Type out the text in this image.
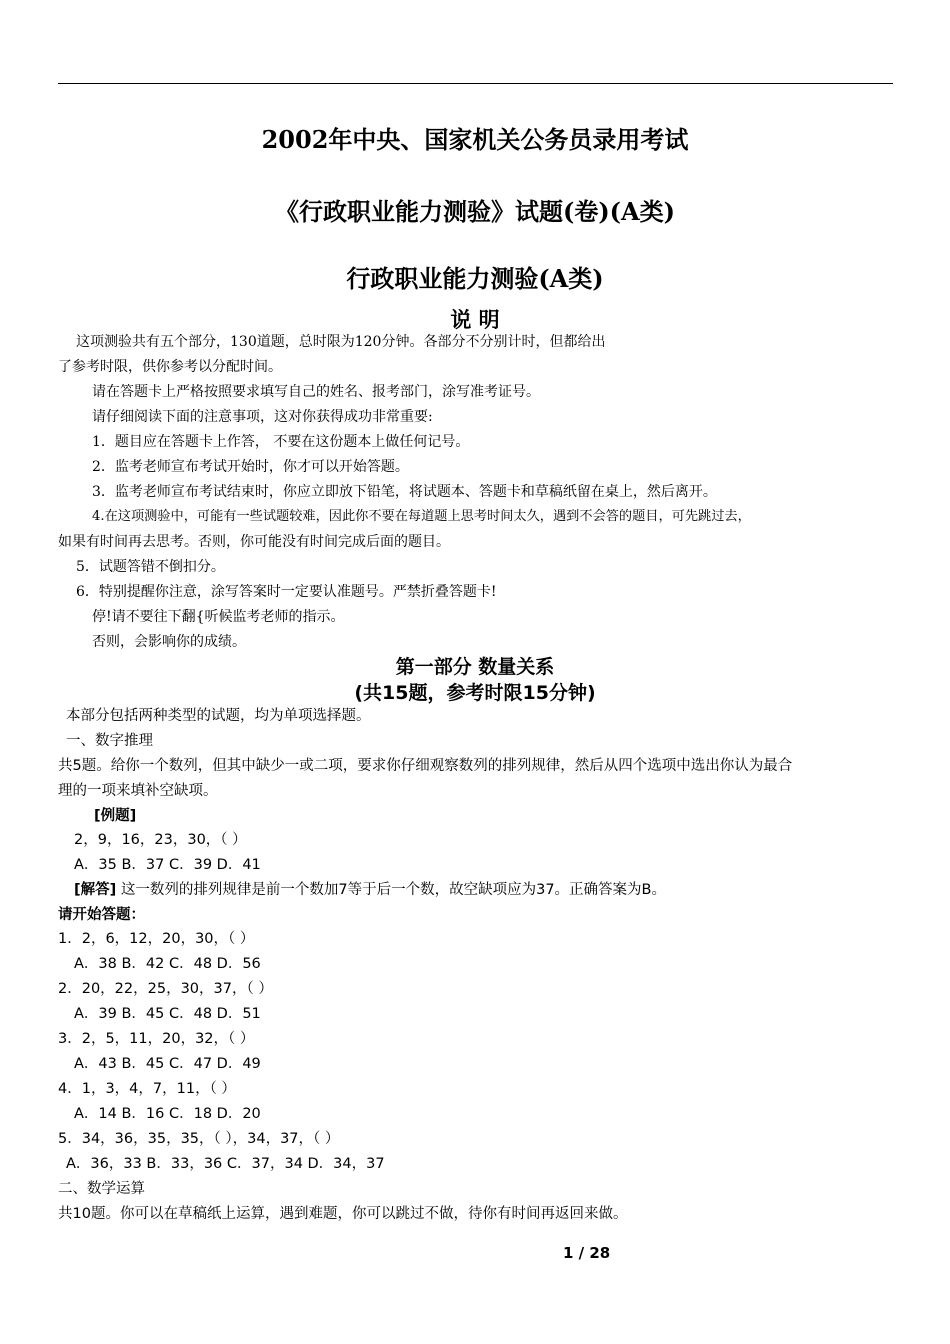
2002年中央、国家机关公务员录用考试
《行政职业能力测验》试题(卷)(A类)
行政职业能力测验(A类)
说 明
这项测验共有五个部分，130道题，总时限为120分钟。各部分不分别计时，但都给出
了参考时限，供你参考以分配时间。
请在答题卡上严格按照要求填写自己的姓名、报考部门，涂写准考证号。
请仔细阅读下面的注意事项，这对你获得成功非常重要:
1．题目应在答题卡上作答， 不要在这份题本上做任何记号。
2．监考老师宣布考试开始时，你才可以开始答题。
3．监考老师宣布考试结束时，你应立即放下铅笔，将试题本、答题卡和草稿纸留在桌上，然后离开。
4.在这项测验中，可能有一些试题较难，因此你不要在每道题上思考时间太久，遇到不会答的题目，可先跳过去，
如果有时间再去思考。否则，你可能没有时间完成后面的题目。
5．试题答错不倒扣分。
6．特别提醒你注意，涂写答案时一定要认准题号。严禁折叠答题卡!
停!请不要往下翻{听候监考老师的指示。
否则，会影响你的成绩。
第一部分 数量关系
(共15题，参考时限15分钟)
本部分包括两种类型的试题，均为单项选择题。
一、数字推理
共5题。给你一个数列，但其中缺少一或二项，要求你仔细观察数列的排列规律，然后从四个选项中选出你认为最合
理的一项来填补空缺项。
[例题]
2，9，16，23，30，（ ）
A．35 B．37 C．39 D．41
[解答] 这一数列的排列规律是前一个数加7等于后一个数，故空缺项应为37。正确答案为B。
请开始答题：
1．2，6，12，20，30，（ ）
A．38 B．42 C．48 D．56
2．20，22，25，30，37，（ ）
A．39 B．45 C．48 D．51
3．2，5，11，20，32，（ ）
A．43 B．45 C．47 D．49
4．1，3，4，7，11，（ ）
A．14 B．16 C．18 D．20
5．34，36，35，35，（ ），34，37，（ ）
A．36，33 B．33，36 C．37，34 D．34，37
二、数学运算
共10题。你可以在草稿纸上运算，遇到难题，你可以跳过不做，待你有时间再返回来做。
1 / 28
